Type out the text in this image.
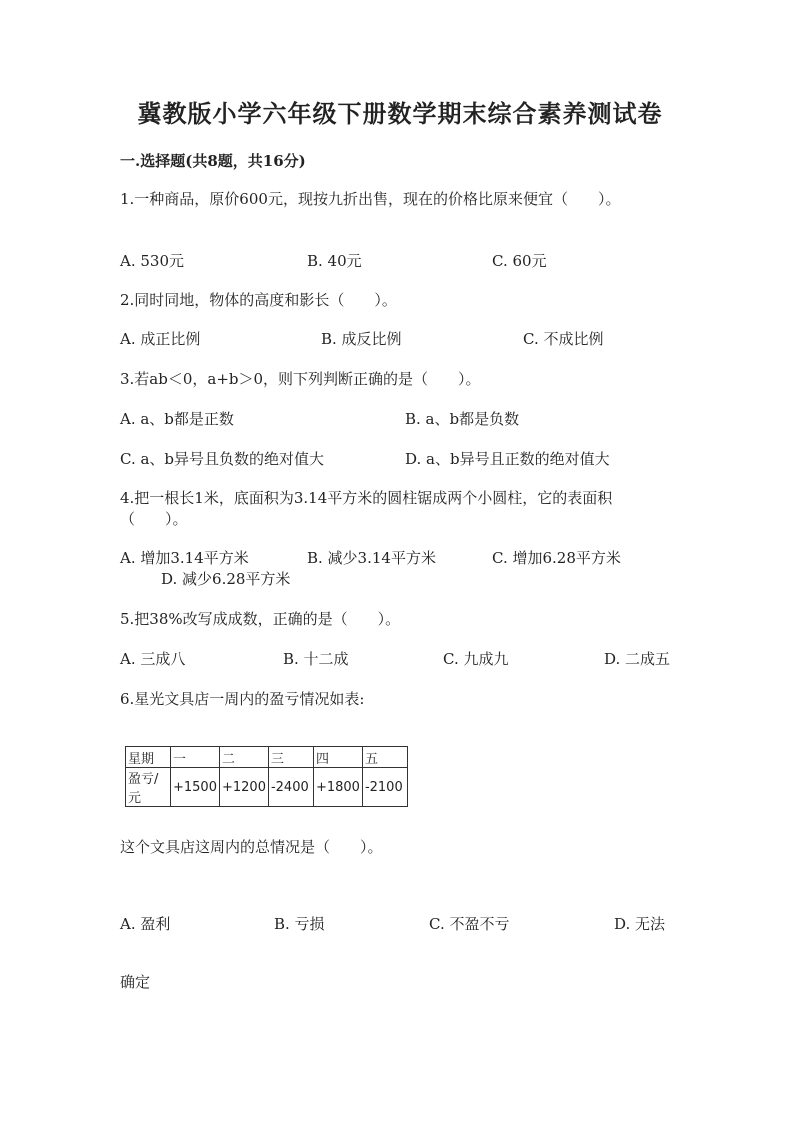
冀教版小学六年级下册数学期末综合素养测试卷
一.选择题(共8题，共16分)
1.一种商品，原价600元，现按九折出售，现在的价格比原来便宜（　　）。
A. 530元	B. 40元	C. 60元
2.同时同地，物体的高度和影长（　　）。
A. 成正比例	B. 成反比例	C. 不成比例
3.若ab＜0，a+b＞0，则下列判断正确的是（　　）。
A. a、b都是正数	B. a、b都是负数
C. a、b异号且负数的绝对值大	D. a、b异号且正数的绝对值大
4.把一根长1米，底面积为3.14平方米的圆柱锯成两个小圆柱，它的表面积
（　　）。
A. 增加3.14平方米	B. 减少3.14平方米	C. 增加6.28平方米
D. 减少6.28平方米
5.把38%改写成成数，正确的是（　　）。
A. 三成八	B. 十二成	C. 九成九	D. 二成五
6.星光文具店一周内的盈亏情况如表:
星期	一	二	三	四	五
盈亏/元	+1500	+1200	-2400	+1800	-2100
这个文具店这周内的总情况是（　　）。
A. 盈利	B. 亏损	C. 不盈不亏	D. 无法
确定
